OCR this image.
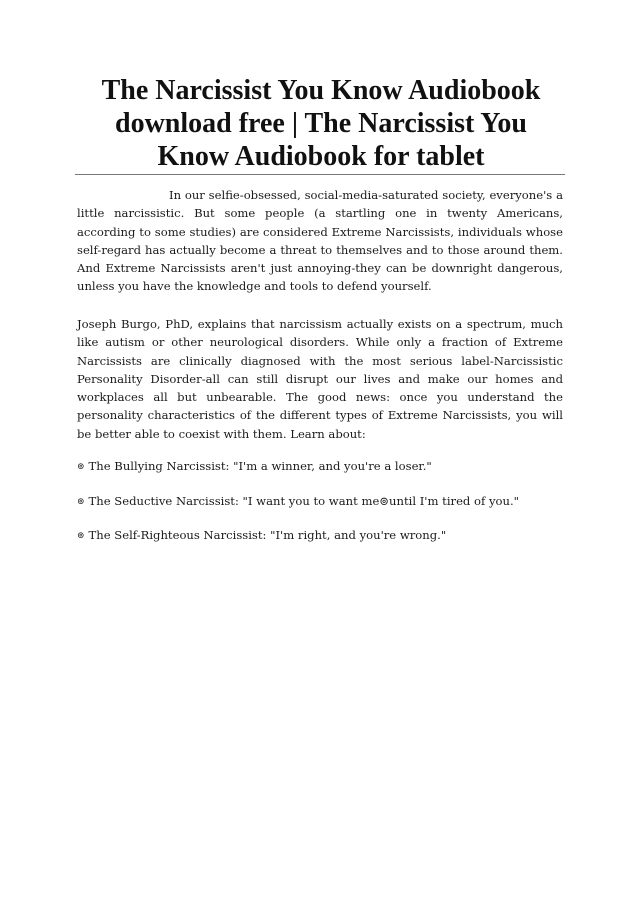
The Narcissist You Know Audiobook download free | The Narcissist You Know Audiobook for tablet

In our selfie-obsessed, social-media-saturated society, everyone's a little narcissistic. But some people (a startling one in twenty Americans, according to some studies) are considered Extreme Narcissists, individuals whose self-regard has actually become a threat to themselves and to those around them. And Extreme Narcissists aren't just annoying-they can be downright dangerous, unless you have the knowledge and tools to defend yourself.

Joseph Burgo, PhD, explains that narcissism actually exists on a spectrum, much like autism or other neurological disorders. While only a fraction of Extreme Narcissists are clinically diagnosed with the most serious label-Narcissistic Personality Disorder-all can still disrupt our lives and make our homes and workplaces all but unbearable. The good news: once you understand the personality characteristics of the different types of Extreme Narcissists, you will be better able to coexist with them. Learn about:

⊚ The Bullying Narcissist: "I'm a winner, and you're a loser."
⊚ The Seductive Narcissist: "I want you to want me⊚until I'm tired of you."
⊚ The Self-Righteous Narcissist: "I'm right, and you're wrong."
